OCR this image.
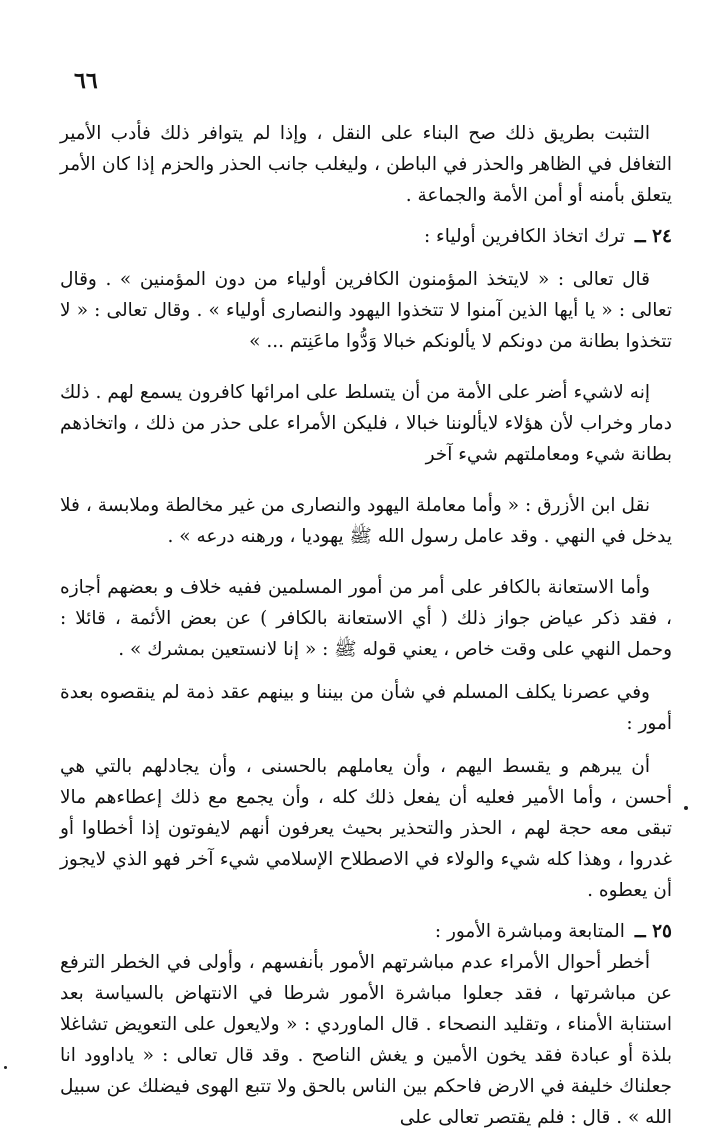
٦٦

التثبت بطريق ذلك صح البناء على النقل ، وإذا لم يتوافر ذلك فأدب الأمير التغافل في الظاهر والحذر في الباطن ، وليغلب جانب الحذر والحزم إذا كان الأمر يتعلق بأمنه أو أمن الأمة والجماعة .

٢٤ ــ ترك اتخاذ الكافرين أولياء :

قال تعالى : « لايتخذ المؤمنون الكافرين أولياء من دون المؤمنين » . وقال تعالى : « يا أيها الذين آمنوا لا تتخذوا اليهود والنصارى أولياء » . وقال تعالى : « لا تتخذوا بطانة من دونكم لا يألونكم خبالا وَدُّوا ماعَنِتم ... »

إنه لاشيء أضر على الأمة من أن يتسلط على امرائها كافرون يسمع لهم . ذلك دمار وخراب لأن هؤلاء لايألوننا خبالا ، فليكن الأمراء على حذر من ذلك ، واتخاذهم بطانة شيء ومعاملتهم شيء آخر

نقل ابن الأزرق : « وأما معاملة اليهود والنصارى من غير مخالطة وملابسة ، فلا يدخل في النهي . وقد عامل رسول الله ﷺ يهوديا ، ورهنه درعه » .

وأما الاستعانة بالكافر على أمر من أمور المسلمين ففيه خلاف و بعضهم أجازه ، فقد ذكر عياض جواز ذلك ( أي الاستعانة بالكافر ) عن بعض الأئمة ، قائلا : وحمل النهي على وقت خاص ، يعني قوله ﷺ : « إنا لانستعين بمشرك » .

وفي عصرنا يكلف المسلم في شأن من بيننا و بينهم عقد ذمة لم ينقصوه بعدة أمور :

أن يبرهم و يقسط اليهم ، وأن يعاملهم بالحسنى ، وأن يجادلهم بالتي هي أحسن ، وأما الأمير فعليه أن يفعل ذلك كله ، وأن يجمع مع ذلك إعطاءهم مالا تبقى معه حجة لهم ، الحذر والتحذير بحيث يعرفون أنهم لايفوتون إذا أخطاوا أو غدروا ، وهذا كله شيء والولاء في الاصطلاح الإسلامي شيء آخر فهو الذي لايجوز أن يعطوه .

٢٥ ــ المتابعة ومباشرة الأمور :

أخطر أحوال الأمراء عدم مباشرتهم الأمور بأنفسهم ، وأولى في الخطر الترفع عن مباشرتها ، فقد جعلوا مباشرة الأمور شرطا في الانتهاض بالسياسة بعد استنابة الأمناء ، وتقليد النصحاء . قال الماوردي : « ولايعول على التعويض تشاغلا بلذة أو عبادة فقد يخون الأمين و يغش الناصح . وقد قال تعالى : « ياداوود انا جعلناك خليفة في الارض فاحكم بين الناس بالحق ولا تتبع الهوى فيضلك عن سبيل الله » . قال : فلم يقتصر تعالى على
